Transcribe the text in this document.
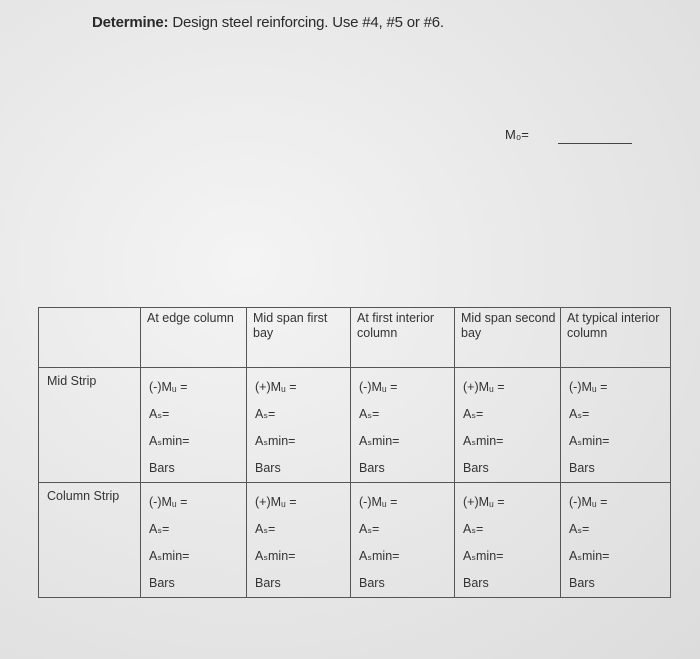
Determine: Design steel reinforcing. Use #4, #5 or #6.
M₀=
	At edge column	Mid span first bay	At first interior column	Mid span second bay	At typical interior column
Mid Strip	(-)Mᵤ =
Aₛ=
Aₛmin=
Bars	(+)Mᵤ =
Aₛ=
Aₛmin=
Bars	(-)Mᵤ =
Aₛ=
Aₛmin=
Bars	(+)Mᵤ =
Aₛ=
Aₛmin=
Bars	(-)Mᵤ =
Aₛ=
Aₛmin=
Bars

Column Strip	(-)Mᵤ =
Aₛ=
Aₛmin=
Bars	(+)Mᵤ =
Aₛ=
Aₛmin=
Bars	(-)Mᵤ =
Aₛ=
Aₛmin=
Bars	(+)Mᵤ =
Aₛ=
Aₛmin=
Bars	(-)Mᵤ =
Aₛ=
Aₛmin=
Bars
